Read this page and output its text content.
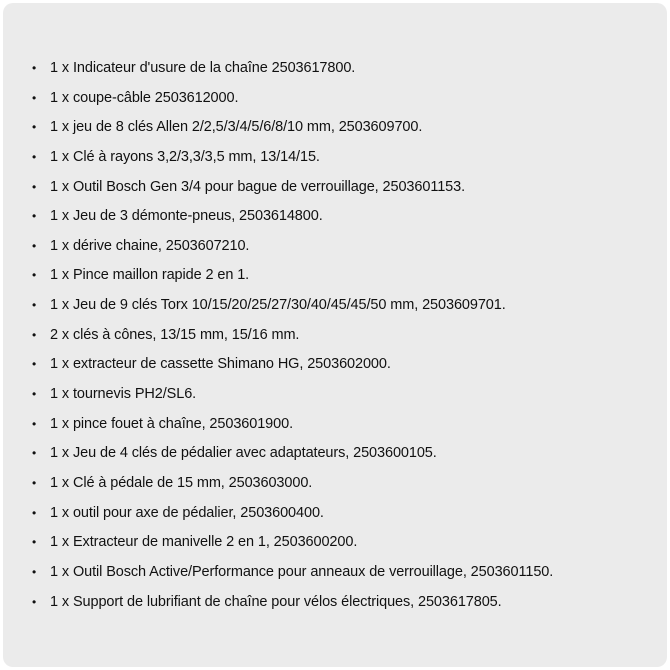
• 1 x Indicateur d'usure de la chaîne 2503617800.
• 1 x coupe-câble 2503612000.
• 1 x jeu de 8 clés Allen 2/2,5/3/4/5/6/8/10 mm, 2503609700.
• 1 x Clé à rayons 3,2/3,3/3,5 mm, 13/14/15.
• 1 x Outil Bosch Gen 3/4 pour bague de verrouillage, 2503601153.
• 1 x Jeu de 3 démonte-pneus, 2503614800.
• 1 x dérive chaine, 2503607210.
• 1 x Pince maillon rapide 2 en 1.
• 1 x Jeu de 9 clés Torx 10/15/20/25/27/30/40/45/45/50 mm, 2503609701.
• 2 x clés à cônes, 13/15 mm, 15/16 mm.
• 1 x extracteur de cassette Shimano HG, 2503602000.
• 1 x tournevis PH2/SL6.
• 1 x pince fouet à chaîne, 2503601900.
• 1 x Jeu de 4 clés de pédalier avec adaptateurs, 2503600105.
• 1 x Clé à pédale de 15 mm, 2503603000.
• 1 x outil pour axe de pédalier, 2503600400.
• 1 x Extracteur de manivelle 2 en 1, 2503600200.
• 1 x Outil Bosch Active/Performance pour anneaux de verrouillage, 2503601150.
• 1 x Support de lubrifiant de chaîne pour vélos électriques, 2503617805.
